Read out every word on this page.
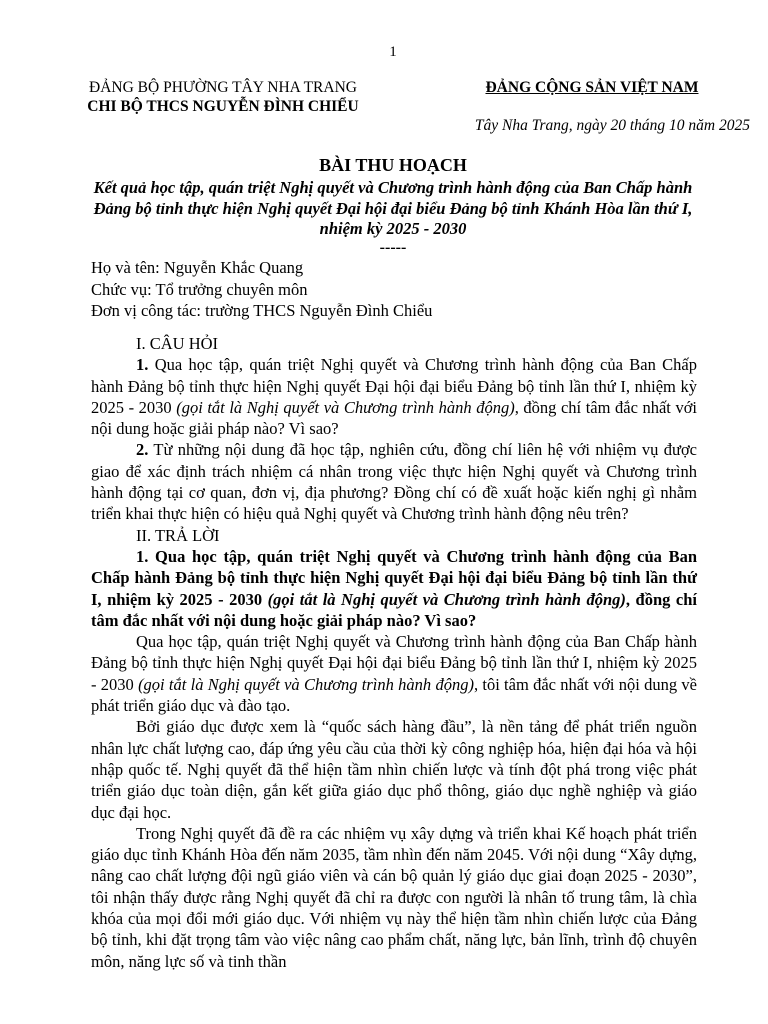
1
ĐẢNG BỘ PHƯỜNG TÂY NHA TRANG
CHI BỘ THCS NGUYỄN ĐÌNH CHIỂU
ĐẢNG CỘNG SẢN VIỆT NAM
Tây Nha Trang, ngày 20 tháng 10 năm 2025
BÀI THU HOẠCH
Kết quả học tập, quán triệt Nghị quyết và Chương trình hành động của Ban Chấp hành Đảng bộ tỉnh thực hiện Nghị quyết Đại hội đại biểu Đảng bộ tỉnh Khánh Hòa lần thứ I, nhiệm kỳ 2025 - 2030
-----
Họ và tên: Nguyễn Khắc Quang
Chức vụ: Tổ trưởng chuyên môn
Đơn vị công tác: trường THCS Nguyễn Đình Chiểu

I. CÂU HỎI

1. Qua học tập, quán triệt Nghị quyết và Chương trình hành động của Ban Chấp hành Đảng bộ tỉnh thực hiện Nghị quyết Đại hội đại biểu Đảng bộ tỉnh lần thứ I, nhiệm kỳ 2025 - 2030 (gọi tắt là Nghị quyết và Chương trình hành động), đồng chí tâm đắc nhất với nội dung hoặc giải pháp nào? Vì sao?

2. Từ những nội dung đã học tập, nghiên cứu, đồng chí liên hệ với nhiệm vụ được giao để xác định trách nhiệm cá nhân trong việc thực hiện Nghị quyết và Chương trình hành động tại cơ quan, đơn vị, địa phương? Đồng chí có đề xuất hoặc kiến nghị gì nhằm triển khai thực hiện có hiệu quả Nghị quyết và Chương trình hành động nêu trên?

II. TRẢ LỜI

1. Qua học tập, quán triệt Nghị quyết và Chương trình hành động của Ban Chấp hành Đảng bộ tỉnh thực hiện Nghị quyết Đại hội đại biểu Đảng bộ tỉnh lần thứ I, nhiệm kỳ 2025 - 2030 (gọi tắt là Nghị quyết và Chương trình hành động), đồng chí tâm đắc nhất với nội dung hoặc giải pháp nào? Vì sao?

Qua học tập, quán triệt Nghị quyết và Chương trình hành động của Ban Chấp hành Đảng bộ tỉnh thực hiện Nghị quyết Đại hội đại biểu Đảng bộ tỉnh lần thứ I, nhiệm kỳ 2025 - 2030 (gọi tắt là Nghị quyết và Chương trình hành động), tôi tâm đắc nhất với nội dung về phát triển giáo dục và đào tạo.

Bởi giáo dục được xem là “quốc sách hàng đầu”, là nền tảng để phát triển nguồn nhân lực chất lượng cao, đáp ứng yêu cầu của thời kỳ công nghiệp hóa, hiện đại hóa và hội nhập quốc tế. Nghị quyết đã thể hiện tầm nhìn chiến lược và tính đột phá trong việc phát triển giáo dục toàn diện, gắn kết giữa giáo dục phổ thông, giáo dục nghề nghiệp và giáo dục đại học.

Trong Nghị quyết đã đề ra các nhiệm vụ xây dựng và triển khai Kế hoạch phát triển giáo dục tỉnh Khánh Hòa đến năm 2035, tầm nhìn đến năm 2045. Với nội dung “Xây dựng, nâng cao chất lượng đội ngũ giáo viên và cán bộ quản lý giáo dục giai đoạn 2025 - 2030”, tôi nhận thấy được rằng Nghị quyết đã chỉ ra được con người là nhân tố trung tâm, là chìa khóa của mọi đổi mới giáo dục. Với nhiệm vụ này thể hiện tầm nhìn chiến lược của Đảng bộ tỉnh, khi đặt trọng tâm vào việc nâng cao phẩm chất, năng lực, bản lĩnh, trình độ chuyên môn, năng lực số và tinh thần
